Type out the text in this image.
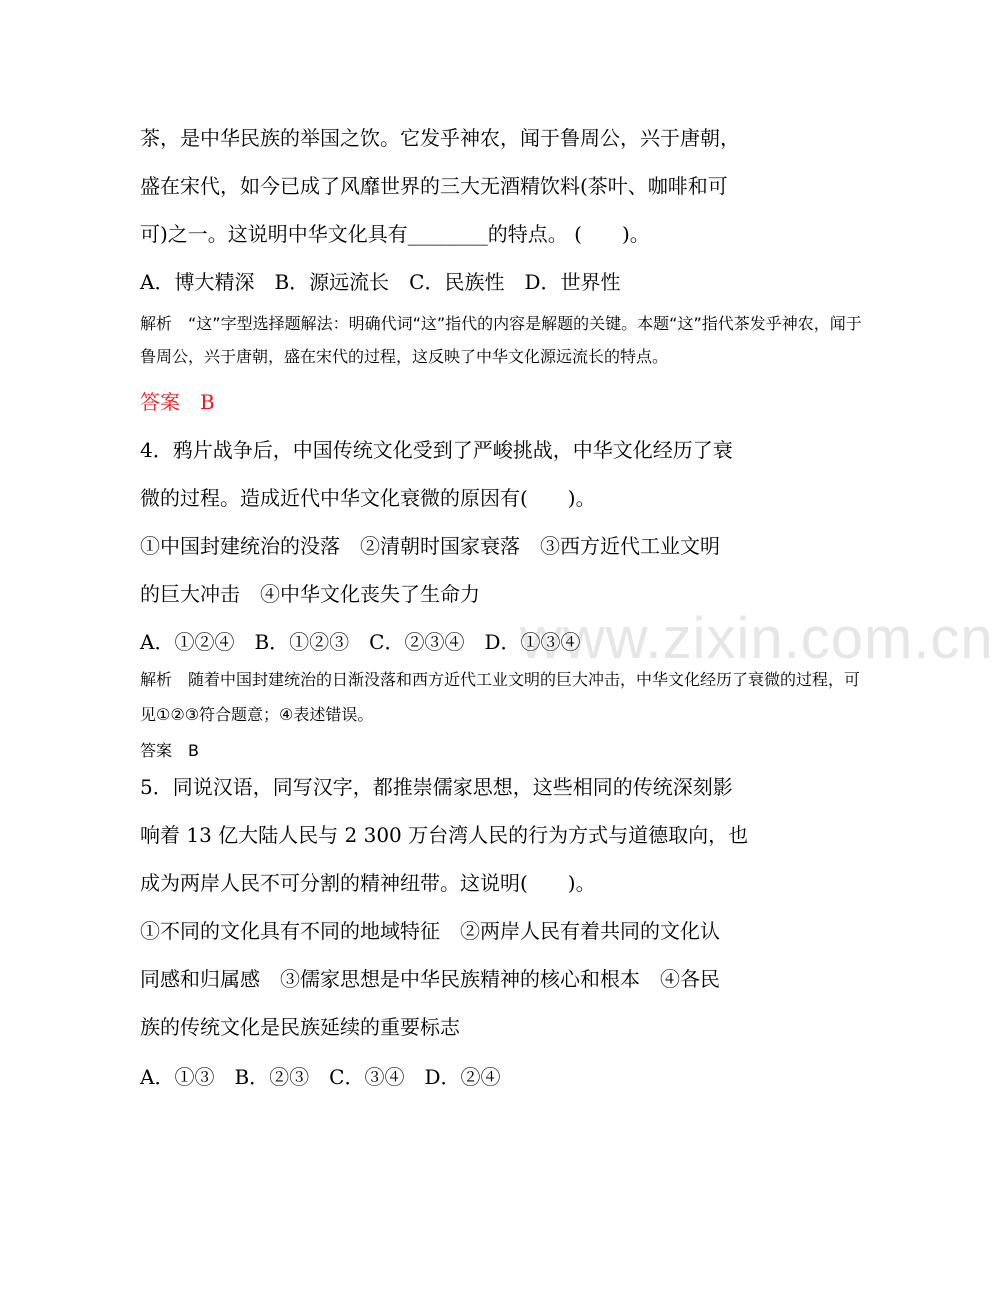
www.zixin.com.cn
茶，是中华民族的举国之饮。它发乎神农，闻于鲁周公，兴于唐朝，
盛在宋代，如今已成了风靡世界的三大无酒精饮料(茶叶、咖啡和可
可)之一。这说明中华文化具有________的特点。 (　　)。
A．博大精深　B．源远流长　C．民族性　D．世界性
解析　“这”字型选择题解法：明确代词“这”指代的内容是解题的关键。本题“这”指代茶发乎神农，闻于
鲁周公，兴于唐朝，盛在宋代的过程，这反映了中华文化源远流长的特点。
答案　B
4．鸦片战争后，中国传统文化受到了严峻挑战，中华文化经历了衰
微的过程。造成近代中华文化衰微的原因有(　　)。
①中国封建统治的没落　②清朝时国家衰落　③西方近代工业文明
的巨大冲击　④中华文化丧失了生命力
A．①②④　B．①②③　C．②③④　D．①③④
解析　随着中国封建统治的日渐没落和西方近代工业文明的巨大冲击，中华文化经历了衰微的过程，可
见①②③符合题意；④表述错误。
答案　B
5．同说汉语，同写汉字，都推崇儒家思想，这些相同的传统深刻影
响着 13 亿大陆人民与 2 300 万台湾人民的行为方式与道德取向，也
成为两岸人民不可分割的精神纽带。这说明(　　)。
①不同的文化具有不同的地域特征　②两岸人民有着共同的文化认
同感和归属感　③儒家思想是中华民族精神的核心和根本　④各民
族的传统文化是民族延续的重要标志
A．①③　B．②③　C．③④　D．②④
